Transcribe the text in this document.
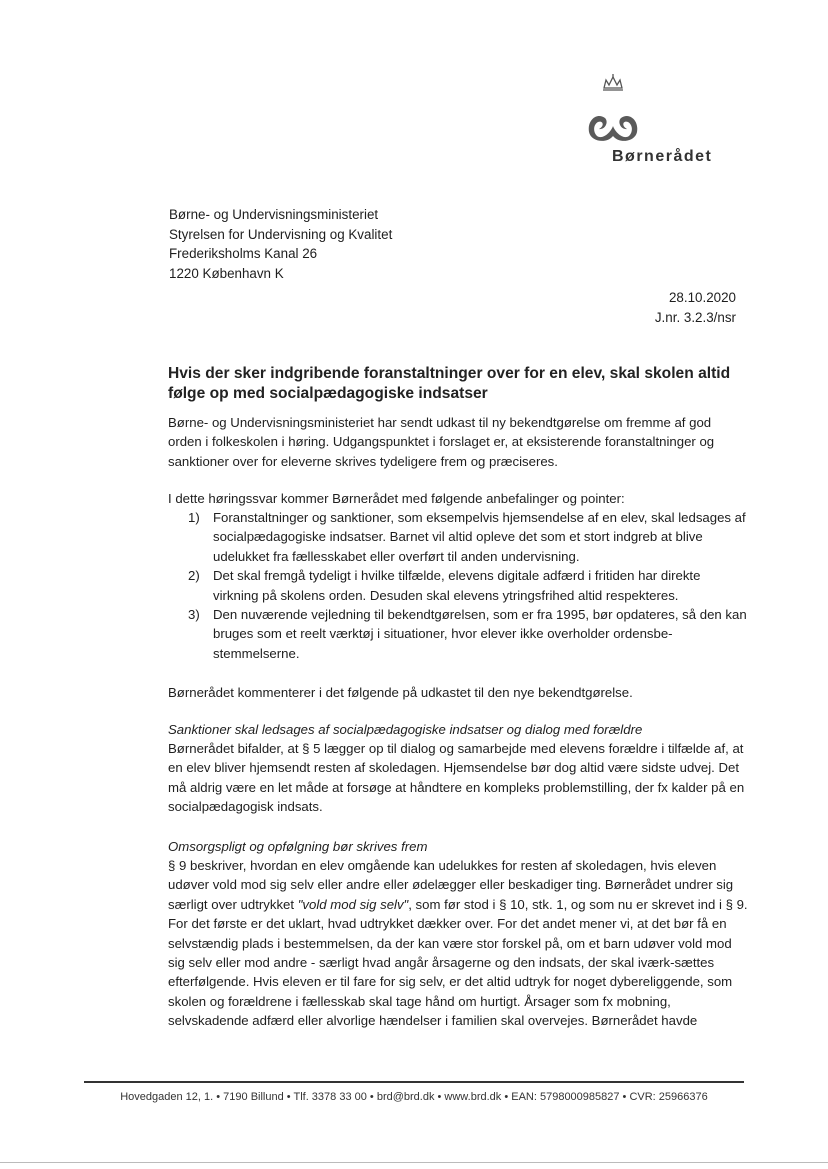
Børnerådet
Børne- og Undervisningsministeriet
Styrelsen for Undervisning og Kvalitet
Frederiksholms Kanal 26
1220 København K
28.10.2020
J.nr. 3.2.3/nsr
Hvis der sker indgribende foranstaltninger over for en elev, skal skolen altid følge op med socialpædagogiske indsatser
Børne- og Undervisningsministeriet har sendt udkast til ny bekendtgørelse om fremme af god orden i folkeskolen i høring. Udgangspunktet i forslaget er, at eksisterende foranstaltninger og sanktioner over for eleverne skrives tydeligere frem og præciseres.
I dette høringssvar kommer Børnerådet med følgende anbefalinger og pointer:
1) Foranstaltninger og sanktioner, som eksempelvis hjemsendelse af en elev, skal ledsages af socialpædagogiske indsatser. Barnet vil altid opleve det som et stort indgreb at blive udelukket fra fællesskabet eller overført til anden undervisning.
2) Det skal fremgå tydeligt i hvilke tilfælde, elevens digitale adfærd i fritiden har direkte virkning på skolens orden. Desuden skal elevens ytringsfrihed altid respekteres.
3) Den nuværende vejledning til bekendtgørelsen, som er fra 1995, bør opdateres, så den kan bruges som et reelt værktøj i situationer, hvor elever ikke overholder ordensbe-stemmelserne.
Børnerådet kommenterer i det følgende på udkastet til den nye bekendtgørelse.
Sanktioner skal ledsages af socialpædagogiske indsatser og dialog med forældre
Børnerådet bifalder, at § 5 lægger op til dialog og samarbejde med elevens forældre i tilfælde af, at en elev bliver hjemsendt resten af skoledagen. Hjemsendelse bør dog altid være sidste udvej. Det må aldrig være en let måde at forsøge at håndtere en kompleks problemstilling, der fx kalder på en socialpædagogisk indsats.
Omsorgspligt og opfølgning bør skrives frem
§ 9 beskriver, hvordan en elev omgående kan udelukkes for resten af skoledagen, hvis eleven udøver vold mod sig selv eller andre eller ødelægger eller beskadiger ting. Børnerådet undrer sig særligt over udtrykket "vold mod sig selv", som før stod i § 10, stk. 1, og som nu er skrevet ind i § 9. For det første er det uklart, hvad udtrykket dækker over. For det andet mener vi, at det bør få en selvstændig plads i bestemmelsen, da der kan være stor forskel på, om et barn udøver vold mod sig selv eller mod andre - særligt hvad angår årsagerne og den indsats, der skal iværk-sættes efterfølgende. Hvis eleven er til fare for sig selv, er det altid udtryk for noget dybereliggende, som skolen og forældrene i fællesskab skal tage hånd om hurtigt. Årsager som fx mobning, selvskadende adfærd eller alvorlige hændelser i familien skal overvejes. Børnerådet havde
Hovedgaden 12, 1. • 7190 Billund • Tlf. 3378 33 00 • brd@brd.dk • www.brd.dk • EAN: 5798000985827 • CVR: 25966376
